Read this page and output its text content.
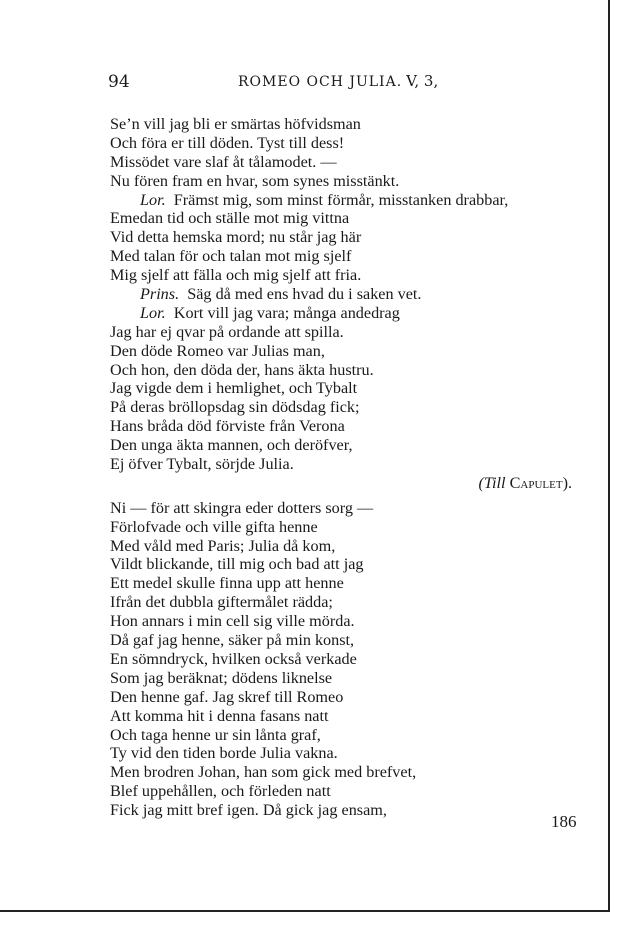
94	ROMEO OCH JULIA. V, 3,
Se’n vill jag bli er smärtas höfvidsman
Och föra er till döden. Tyst till dess!
Missödet vare slaf åt tålamodet. —
Nu fören fram en hvar, som synes misstänkt.
Lor. Främst mig, som minst förmår, misstanken drabbar,
Emedan tid och ställe mot mig vittna
Vid detta hemska mord; nu står jag här
Med talan för och talan mot mig sjelf
Mig sjelf att fälla och mig sjelf att fria.
Prins. Säg då med ens hvad du i saken vet.
Lor. Kort vill jag vara; många andedrag
Jag har ej qvar på ordande att spilla.
Den döde Romeo var Julias man,
Och hon, den döda der, hans äkta hustru.
Jag vigde dem i hemlighet, och Tybalt
På deras bröllopsdag sin dödsdag fick;
Hans bråda död förviste från Verona
Den unga äkta mannen, och deröfver,
Ej öfver Tybalt, sörjde Julia.
(Till Capulet).
Ni — för att skingra eder dotters sorg —
Förlofvade och ville gifta henne
Med våld med Paris; Julia då kom,
Vildt blickande, till mig och bad att jag
Ett medel skulle finna upp att henne
Ifrån det dubbla giftermålet rädda;
Hon annars i min cell sig ville mörda.
Då gaf jag henne, säker på min konst,
En sömndryck, hvilken också verkade
Som jag beräknat; dödens liknelse
Den henne gaf. Jag skref till Romeo
Att komma hit i denna fasans natt
Och taga henne ur sin lånta graf,
Ty vid den tiden borde Julia vakna.
Men brodren Johan, han som gick med brefvet,
Blef uppehållen, och förleden natt
Fick jag mitt bref igen. Då gick jag ensam,
186
